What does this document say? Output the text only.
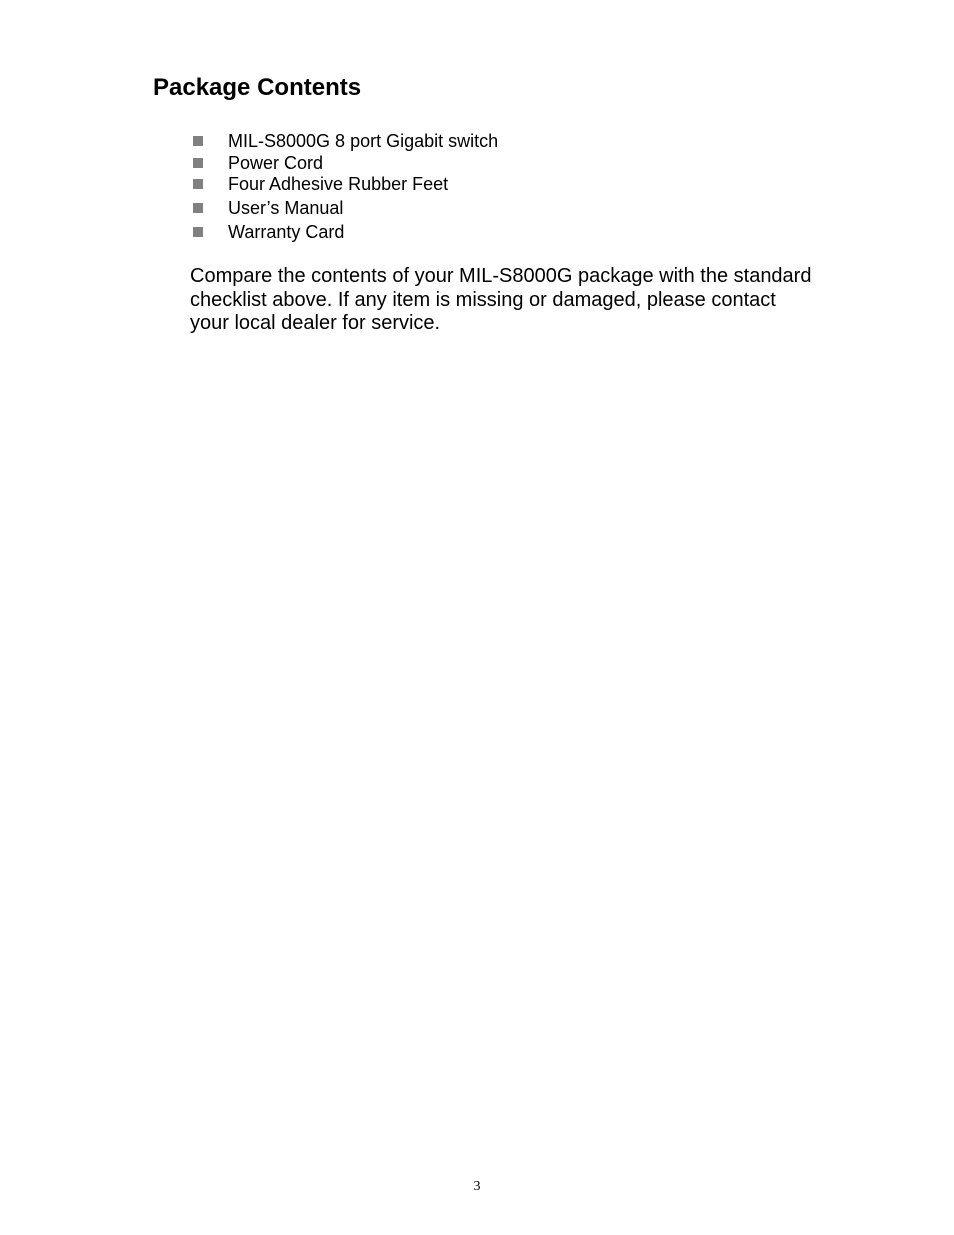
Package Contents
MIL-S8000G 8 port Gigabit switch
Power Cord
Four Adhesive Rubber Feet
User’s Manual
Warranty Card

Compare the contents of your MIL-S8000G package with the standard checklist above. If any item is missing or damaged, please contact your local dealer for service.

3
